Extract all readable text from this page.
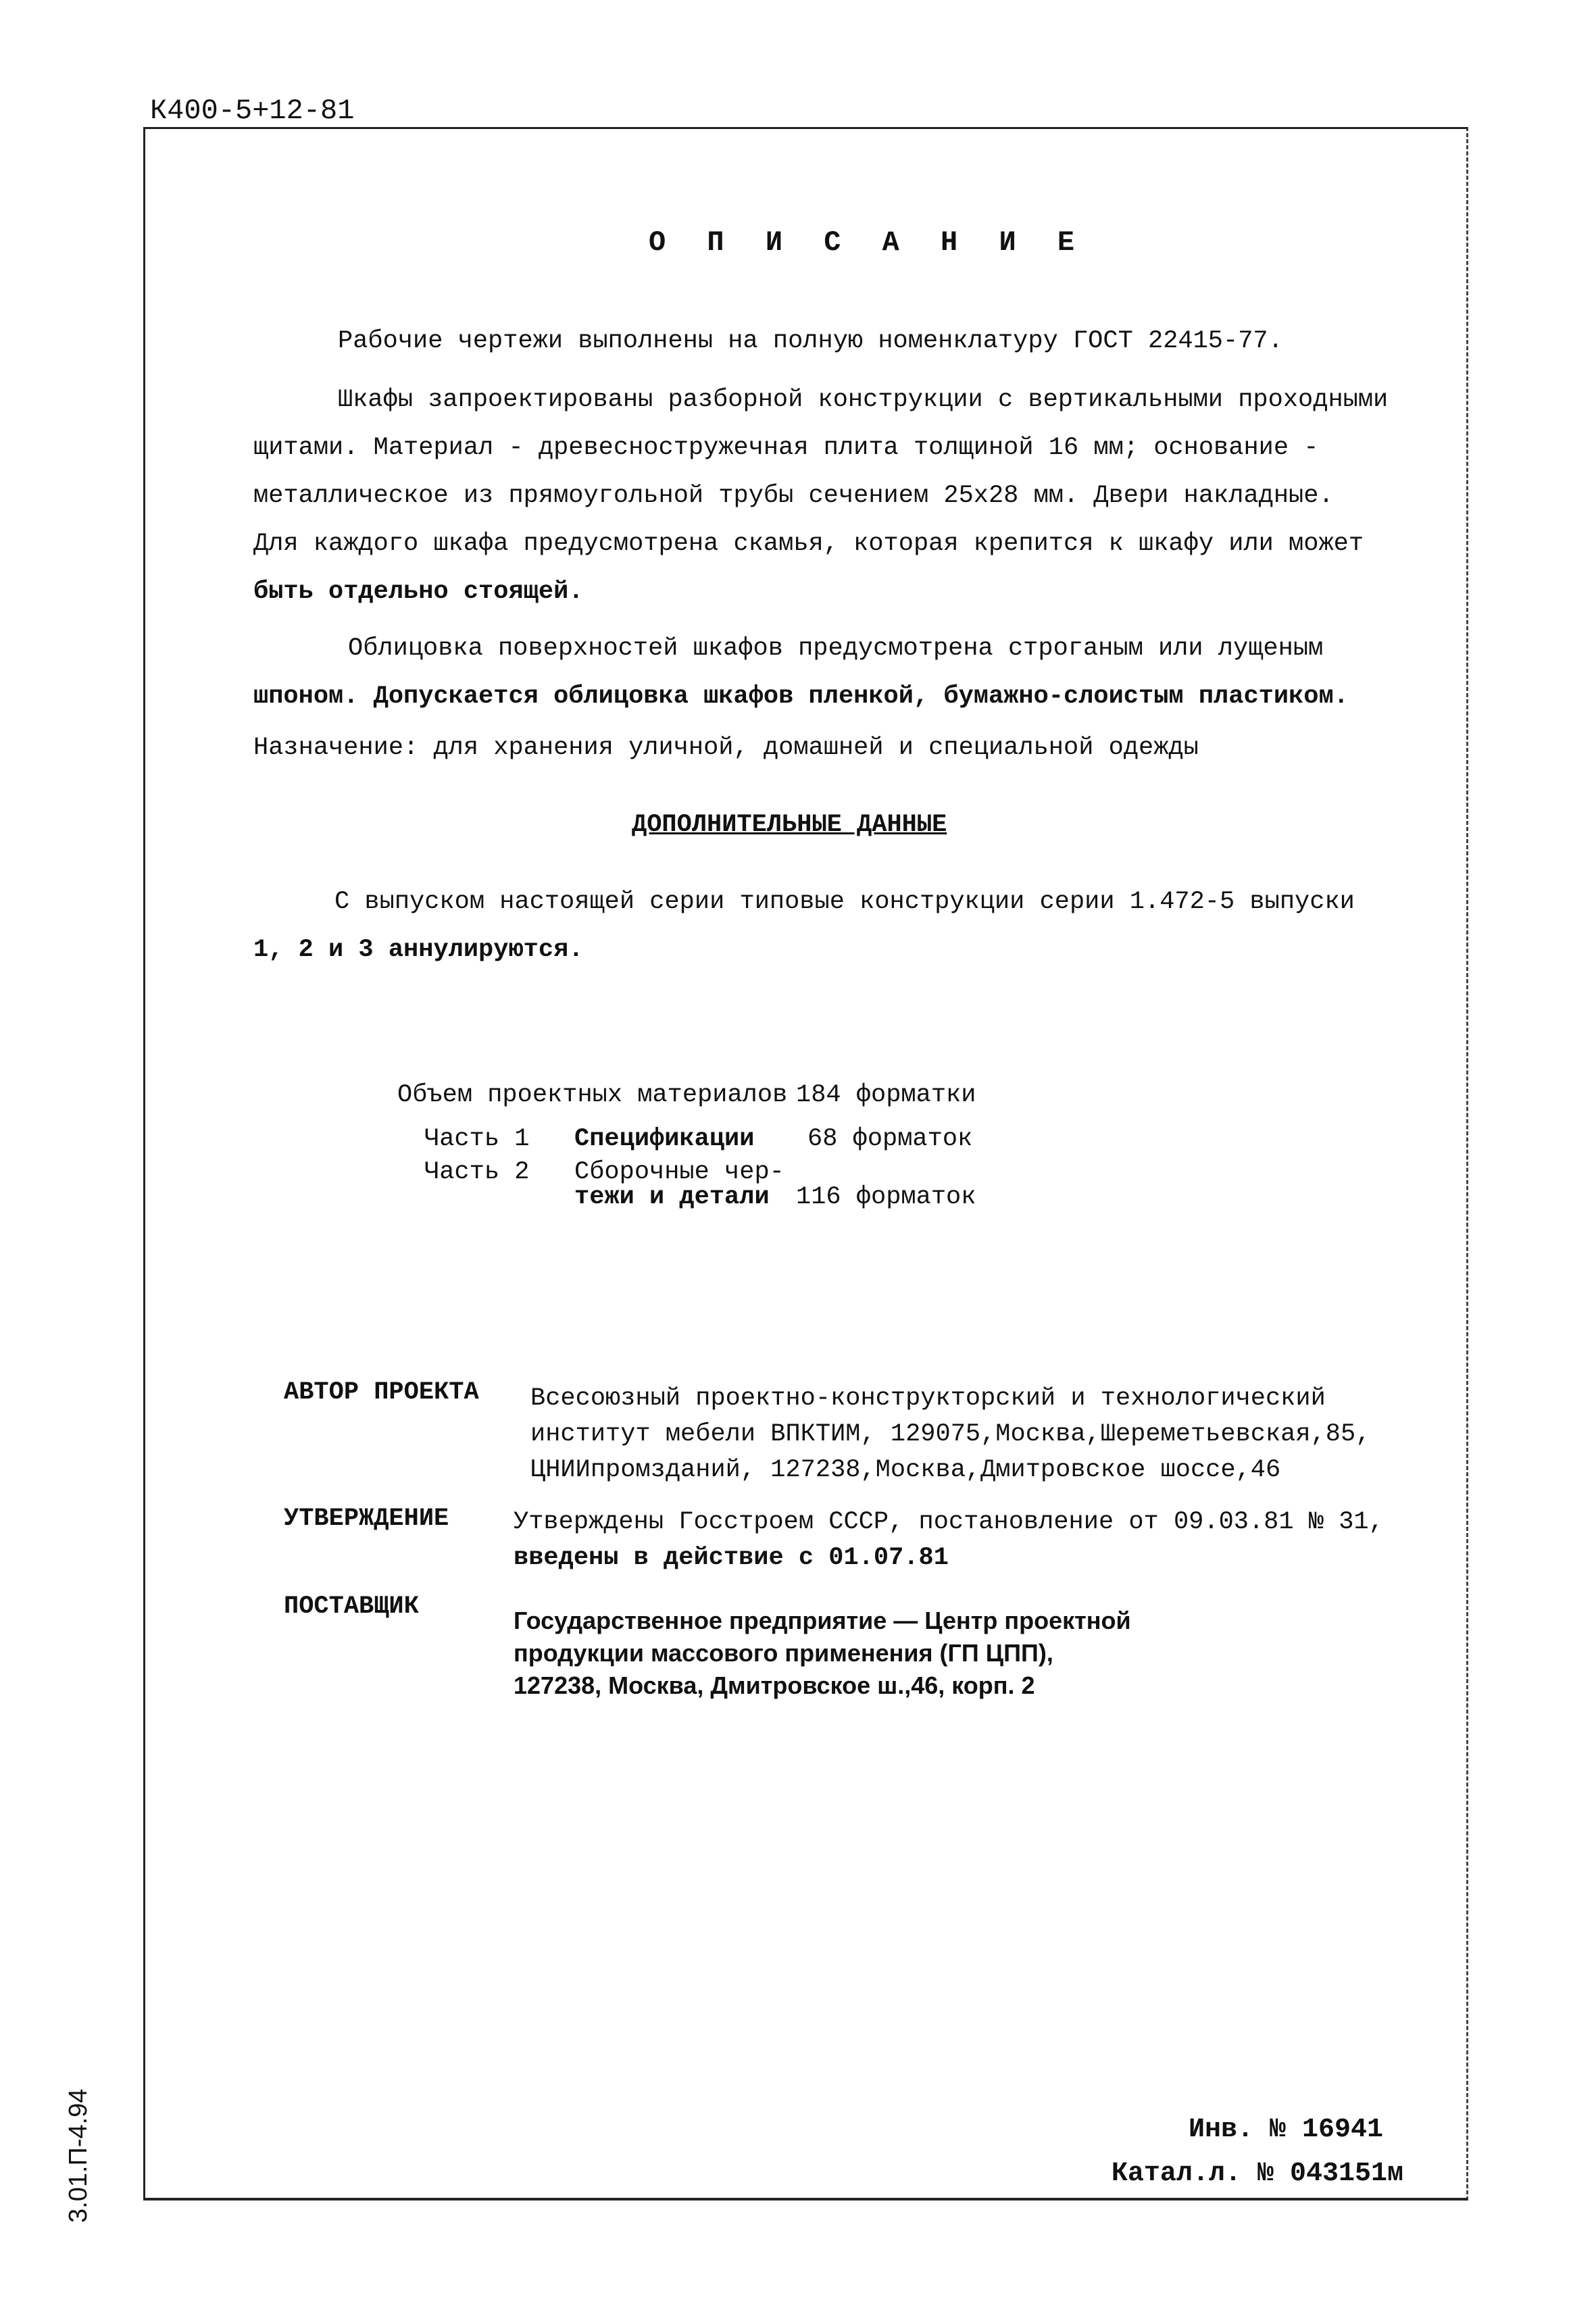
К400-5+12-81
3.01.П-4.94
О П И С А Н И Е
Рабочие чертежи выполнены на полную номенклатуру ГОСТ 22415-77.
Шкафы запроектированы разборной конструкции с вертикальными проходными
щитами. Материал - древесностружечная плита толщиной 16 мм; основание -
металлическое из прямоугольной трубы сечением 25x28 мм. Двери накладные.
Для каждого шкафа предусмотрена скамья, которая крепится к шкафу или может
быть отдельно стоящей.
Облицовка поверхностей шкафов предусмотрена строганым или лущеным
шпоном. Допускается облицовка шкафов пленкой, бумажно-слоистым пластиком.
Назначение: для хранения уличной, домашней и специальной одежды
ДОПОЛНИТЕЛЬНЫЕ ДАННЫЕ
С выпуском настоящей серии типовые конструкции серии 1.472-5 выпуски
1, 2 и 3 аннулируются.
Объем проектных материалов 184 форматки
Часть 1 Спецификации 68 форматок
Часть 2 Сборочные чер-
тежи и детали 116 форматок
АВТОР ПРОЕКТА Всесоюзный проектно-конструкторский и технологический
институт мебели ВПКТИМ, 129075,Москва,Шереметьевская,85,
ЦНИИпромзданий, 127238,Москва,Дмитровское шоссе,46
УТВЕРЖДЕНИЕ	Утверждены Госстроем СССР, постановление от 09.03.81 № 31,
введены в действие с 01.07.81
ПОСТАВЩИК	Государственное предприятие — Центр проектной
продукции массового применения (ГП ЦПП),
127238, Москва, Дмитровское ш.,46, корп. 2
Инв. № 16941
Катал.л. № 043151м
